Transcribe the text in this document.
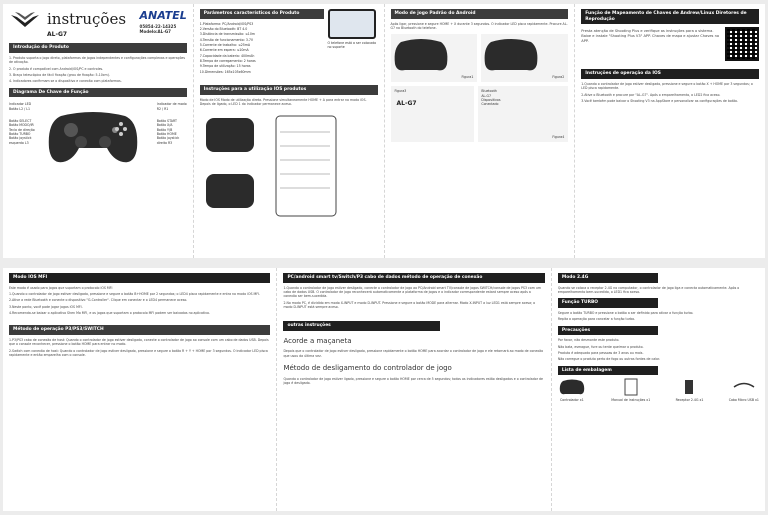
instruções
AL-G7
ANATEL
05854-22-14325
Modelo:AL-G7
Introdução do Produto

1. Produto suporta o jogo direto, plataformas de jogos independentes e configurações complexas e operações de ativação.

2. O produto é compatível com Android/iOS/PC e controles.

3. Braço telescópico de fácil fixação (grau de fixação: 5-10cm).

4. Indicadores confirmam se o dispositivo e conexão com plataformas.

Diagrama De Chave de Função
Indicador LED
Botão L2 / L1
Botão SELECT
Botão MODO/IR
Tecla de direção
Botão TURBO
Botão joystick esquerdo L3
Indicador de modo
R2 / R1
Botão START
Botão X/A
Botão Y/B
Botão HOME
Botão joystick direito R3
Parâmetros característicos do Produto
1.Plataforma: PC/Android/iOS/PS3
2.Versão do Bluetooth: BT 4.0
3.Distância de transmissão: ≤10m
4.Tensão de funcionamento: 3.7V
5.Corrente de trabalho: ≤25mA
6.Corrente em espera: ≤10mA
7.Capacidade da bateria: 400mAh
8.Tempo de carregamento: 2 horas
9.Tempo de utilização: 15 horas
10.Dimensões: 165x105x60mm
O telefone está a ser colocado no suporte
Instruções para a utilização IOS produtos

Modo de IOS Modo de utilização direta. Pressione simultaneamente HOME + A para entrar no modo iOS. Depois de ligado, o LED 1 do indicador permanece aceso.

Modo de jogo Padrão do Android

Após ligar, pressione e segure HOME + X durante 3 segundos. O indicador LED pisca rapidamente. Procure AL-G7 no Bluetooth do telefone.

Figura1	Figura2
Figura3
AL-G7
Bluetooth
AL-G7
Dispositivos
Conectado
Figura4
Função de Mapeamento de Chaves de Andrew/Linux Diretores de Reprodução

Presta atenção de Shooting Plus e verifique as instruções para o sistema. Baixe e instale "Shooting Plus V3" APP. Chaves de mapa e ajustar Chaves no APP.

Instruções de operação da IOS

1.Quando o controlador de jogo estiver desligado, pressione e segure o botão X + HOME por 3 segundos; o LED pisca rapidamente.

2.Ative o Bluetooth e procure por "AL-G7". Após o emparelhamento, o LED2 fica aceso.

3.Você também pode baixar o Shooting V3 na AppStore e personalizar as configurações de botão.

Modo IOS MFI

Este modo é usado para jogos que suportam o protocolo iOS MFI

1.Quando o controlador de jogo estiver desligado, pressione e segure o botão B+HOME por 2 segundos; o LED4 pisca rapidamente e entra no modo iOS MFI.

2.Ative a rede Bluetooth e conecte o dispositivo "G-Controller". Clique em conectar e o LED4 permanece aceso.

3.Neste ponto, você pode jogar jogos iOS MFI.

4.Recomenda-se baixar o aplicativo Shen Mo MFI, e os jogos que suportam o protocolo MFI podem ser baixados no aplicativo.

Método de operação P3/PS3/SWITCH

1.P3/PS3 cabo de conexão de host: Quando o controlador de jogo estiver desligado, conecte o controlador de jogo ao console com um cabo de dados USB. Depois que o console reconhecer, pressione o botão HOME para entrar no modo.

2.Switch com conexão de host: Quando o controlador de jogo estiver desligado, pressione e segure o botão R + Y + HOME por 3 segundos. O indicador LED pisca rapidamente e então emparelha com o console.

PC/android smart tv/Switch/P3 cabo de dados método de operação de conexão

1.Quando o controlador de jogo estiver desligado, conecte o controlador de jogo ao PC/Android smart TV/console de jogos SWITCH/console de jogos PS3 com um cabo de dados USB. O controlador de jogo reconhecerá automaticamente a plataforma de jogos e o indicador correspondente estará sempre aceso após a conexão ser bem-sucedida.

2.No modo PC, é dividido em modo X-INPUT e modo D-INPUT. Pressione e segure o botão MODE para alternar. Modo X-INPUT a luz LED1 está sempre acesa; o modo D-INPUT está sempre aceso.

outras instruções
Acorde a maçaneta

Depois que o controlador de jogo estiver desligado, pressione rapidamente o botão HOME para acordar o controlador de jogo e ele retornará ao modo de conexão que usou da última vez.

Método de desligamento do controlador de jogo

Quando o controlador de jogo estiver ligado, pressione e segure o botão HOME por cerca de 5 segundos; todos os indicadores estão desligados e o controlador de jogo é desligado.

Modo 2.4G

Quando se coloca o receptor 2.4G no computador, o controlador de jogo liga e conecta automaticamente. Após o emparelhamento bem-sucedido, o LED1 fica aceso.

Função TURBO

Segure o botão TURBO e pressione o botão a ser definido para ativar a função turbo.

Repita a operação para cancelar a função turbo.

Precauções

Por favor, não desmonte este produto.

Não bata, esmague, fure ou tente queimar o produto.

Produto é adequado para pessoas de 3 anos ou mais.

Não carregue o produto perto de fogo ou outras fontes de calor.

Lista de embalagem
Controlador x1	Manual de instruções x1	Receptor 2.4G x1	Cabo Micro USB x1
